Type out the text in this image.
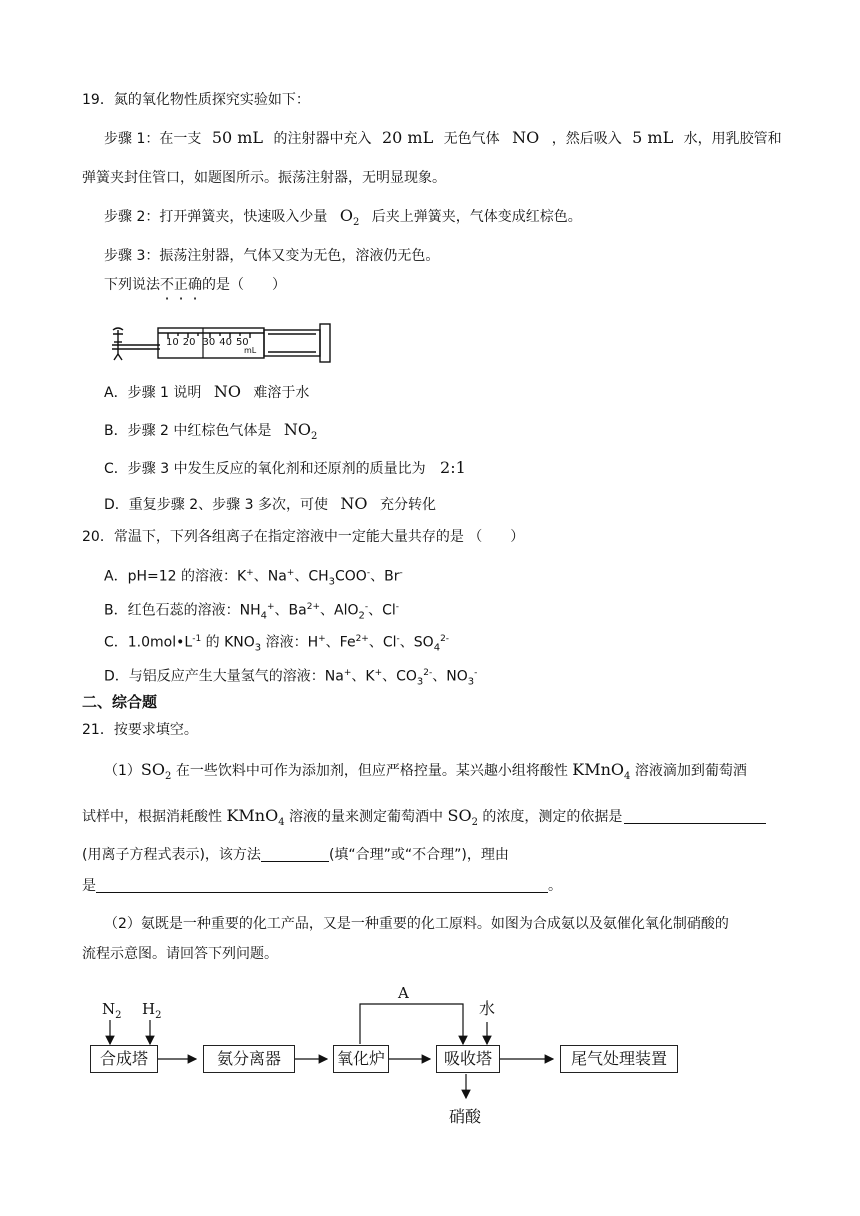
19．氮的氧化物性质探究实验如下：
步骤 1：在一支 50 mL 的注射器中充入 20 mL 无色气体 NO ，然后吸入 5 mL 水，用乳胶管和
弹簧夹封住管口，如题图所示。振荡注射器，无明显现象。
步骤 2：打开弹簧夹，快速吸入少量 $O_2$ 后夹上弹簧夹，气体变成红棕色。
步骤 3：振荡注射器，气体又变为无色，溶液仍无色。
下列说法不正确的是（　　）
10 20 30 40 50
mL
A．步骤 1 说明 NO 难溶于水
B．步骤 2 中红棕色气体是 $NO_2$
C．步骤 3 中发生反应的氧化剂和还原剂的质量比为 2:1
D．重复步骤 2、步骤 3 多次，可使 NO 充分转化
20．常温下，下列各组离子在指定溶液中一定能大量共存的是 （　　）
A．pH=12 的溶液：K+、Na+、$CH_3COO^-$、Br-
B．红色石蕊的溶液：$NH_4^+$、$Ba^{2+}$、AlO$_2$-、Cl-
C．$1.0mol•L^{-1}$ 的 $KNO_3$ 溶液：H+、$Fe^{2+}$、Cl-、$SO_4^{2-}$
D．与铝反应产生大量氢气的溶液：Na+、K+、$CO_3^{2-}$、$NO_3^-$
二、综合题
21．按要求填空。
$(1)SO_2$ 在一些饮料中可作为添加剂，但应严格控量。某兴趣小组将酸性 KMnO$_4$ 溶液滴加到葡萄酒
试样中，根据消耗酸性 KMnO$_4$ 溶液的量来测定葡萄酒中 $SO_2$ 的浓度，测定的依据是
(用离子方程式表示)，该方法	(填“合理”或“不合理”)，理由
是	。
（2）氨既是一种重要的化工产品，又是一种重要的化工原料。如图为合成氨以及氨催化氧化制硝酸的
流程示意图。请回答下列问题。
合成塔	氨分离器	氧化炉	吸收塔	尾气处理装置
$N_2$ $H_2$
A
水
硝酸
